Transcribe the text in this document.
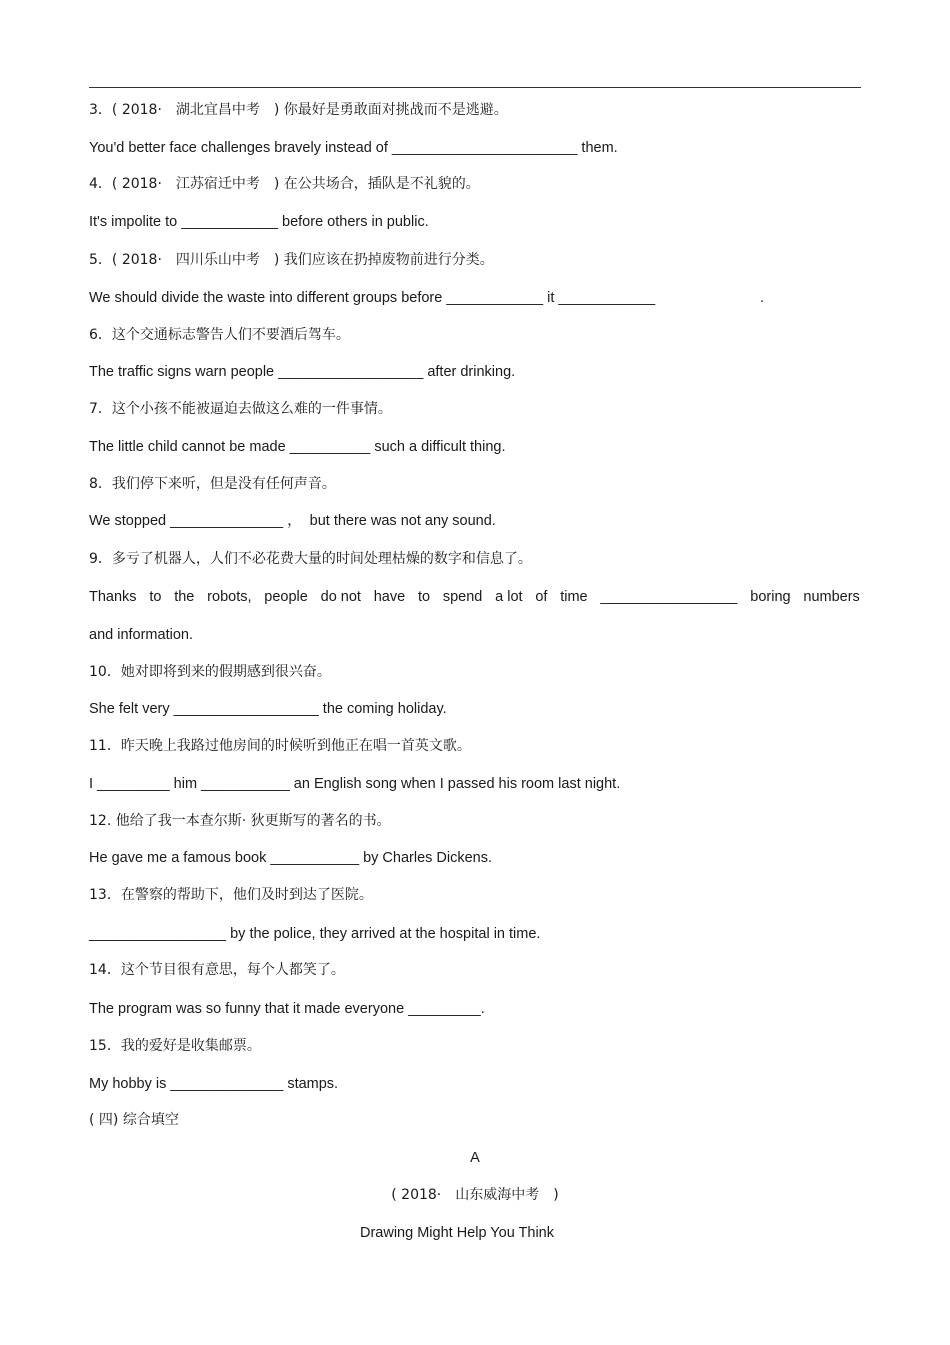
3．( 2018·　湖北宜昌中考　) 你最好是勇敢面对挑战而不是逃避。
You'd better face challenges bravely instead of _______________________ them.
4．( 2018·　江苏宿迁中考　) 在公共场合，插队是不礼貌的。
It's impolite to ____________ before others in public.
5．( 2018·　四川乐山中考　) 我们应该在扔掉废物前进行分类。
We should divide the waste into different groups before ____________ it ____________                          .
6．这个交通标志警告人们不要酒后驾车。
The traffic signs warn people __________________ after drinking.
7．这个小孩不能被逼迫去做这么难的一件事情。
The little child cannot be made __________ such a difficult thing.
8．我们停下来听，但是没有任何声音。
We stopped ______________ ，  but there was not any sound.
9．多亏了机器人，人们不必花费大量的时间处理枯燥的数字和信息了。
Thanks to the robots, people do not have to spend a lot of time _________________ boring numbers
and information.
10．她对即将到来的假期感到很兴奋。
She felt very __________________ the coming holiday.
11．昨天晚上我路过他房间的时候听到他正在唱一首英文歌。
I _________ him ___________ an English song when I passed his room last night.
12. 他给了我一本查尔斯· 狄更斯写的著名的书。
He gave me a famous book ___________ by Charles Dickens.
13．在警察的帮助下，他们及时到达了医院。
_________________ by the police, they arrived at the hospital in time.
14．这个节目很有意思，每个人都笑了。
The program was so funny that it made everyone _________.
15．我的爱好是收集邮票。
My hobby is ______________ stamps.
( 四) 综合填空
A
( 2018·　山东威海中考　)
Drawing Might Help You Think
